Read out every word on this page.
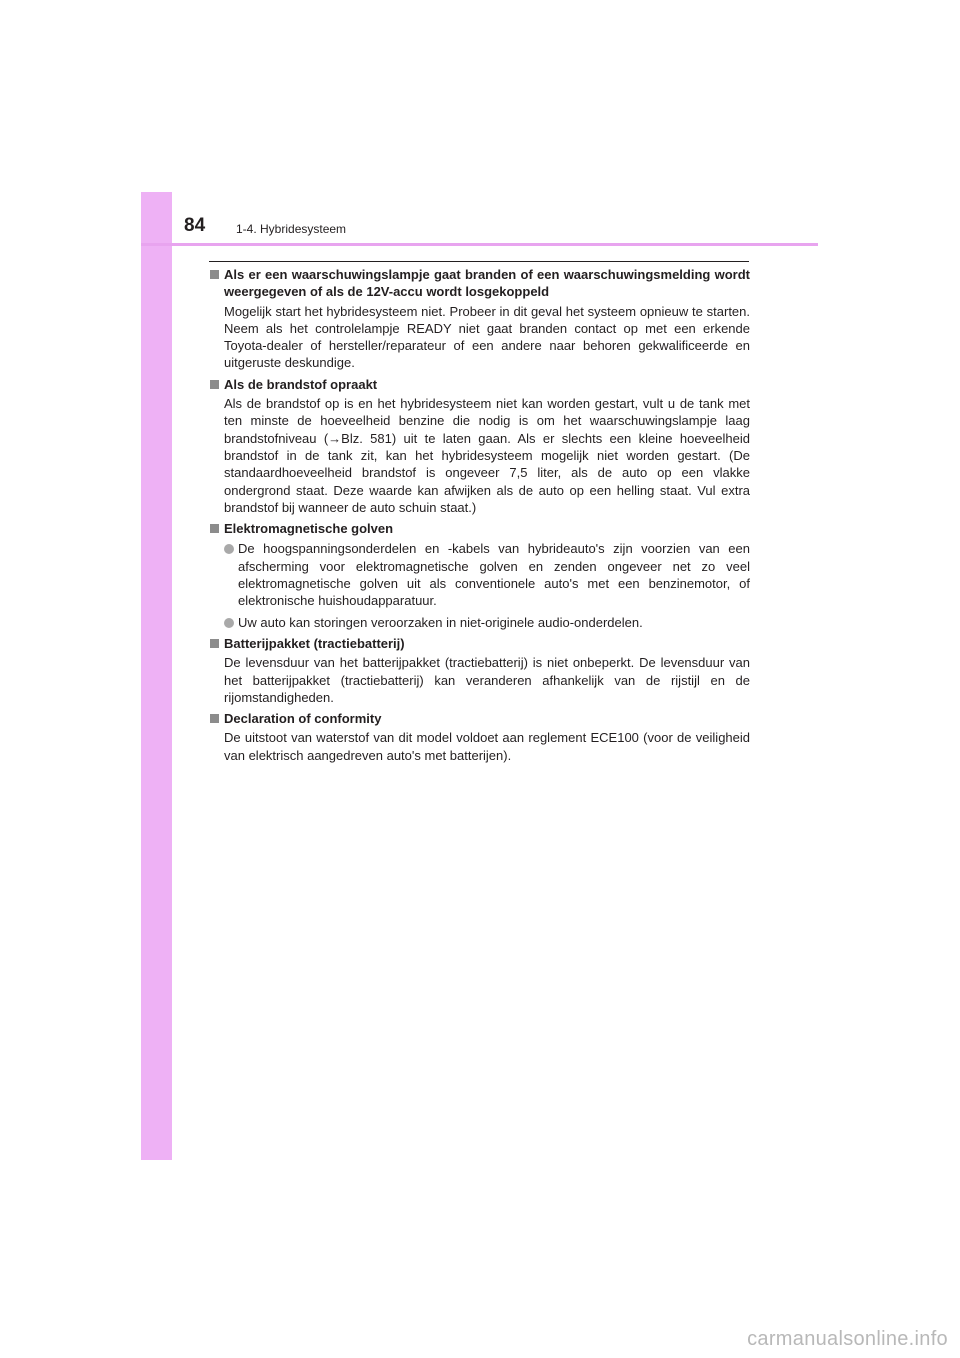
84	1-4. Hybridesysteem
Als er een waarschuwingslampje gaat branden of een waarschuwingsmelding wordt weergegeven of als de 12V-accu wordt losgekoppeld
Mogelijk start het hybridesysteem niet. Probeer in dit geval het systeem opnieuw te starten. Neem als het controlelampje READY niet gaat branden contact op met een erkende Toyota-dealer of hersteller/reparateur of een andere naar behoren gekwalificeerde en uitgeruste deskundige.
Als de brandstof opraakt
Als de brandstof op is en het hybridesysteem niet kan worden gestart, vult u de tank met ten minste de hoeveelheid benzine die nodig is om het waarschuwingslampje laag brandstofniveau (→Blz. 581) uit te laten gaan. Als er slechts een kleine hoeveelheid brandstof in de tank zit, kan het hybridesysteem mogelijk niet worden gestart. (De standaardhoeveelheid brandstof is ongeveer 7,5 liter, als de auto op een vlakke ondergrond staat. Deze waarde kan afwijken als de auto op een helling staat. Vul extra brandstof bij wanneer de auto schuin staat.)
Elektromagnetische golven
De hoogspanningsonderdelen en -kabels van hybrideauto's zijn voorzien van een afscherming voor elektromagnetische golven en zenden ongeveer net zo veel elektromagnetische golven uit als conventionele auto's met een benzinemotor, of elektronische huishoudapparatuur.
Uw auto kan storingen veroorzaken in niet-originele audio-onderdelen.
Batterijpakket (tractiebatterij)
De levensduur van het batterijpakket (tractiebatterij) is niet onbeperkt. De levensduur van het batterijpakket (tractiebatterij) kan veranderen afhankelijk van de rijstijl en de rijomstandigheden.
Declaration of conformity
De uitstoot van waterstof van dit model voldoet aan reglement ECE100 (voor de veiligheid van elektrisch aangedreven auto's met batterijen).
carmanualsonline.info
